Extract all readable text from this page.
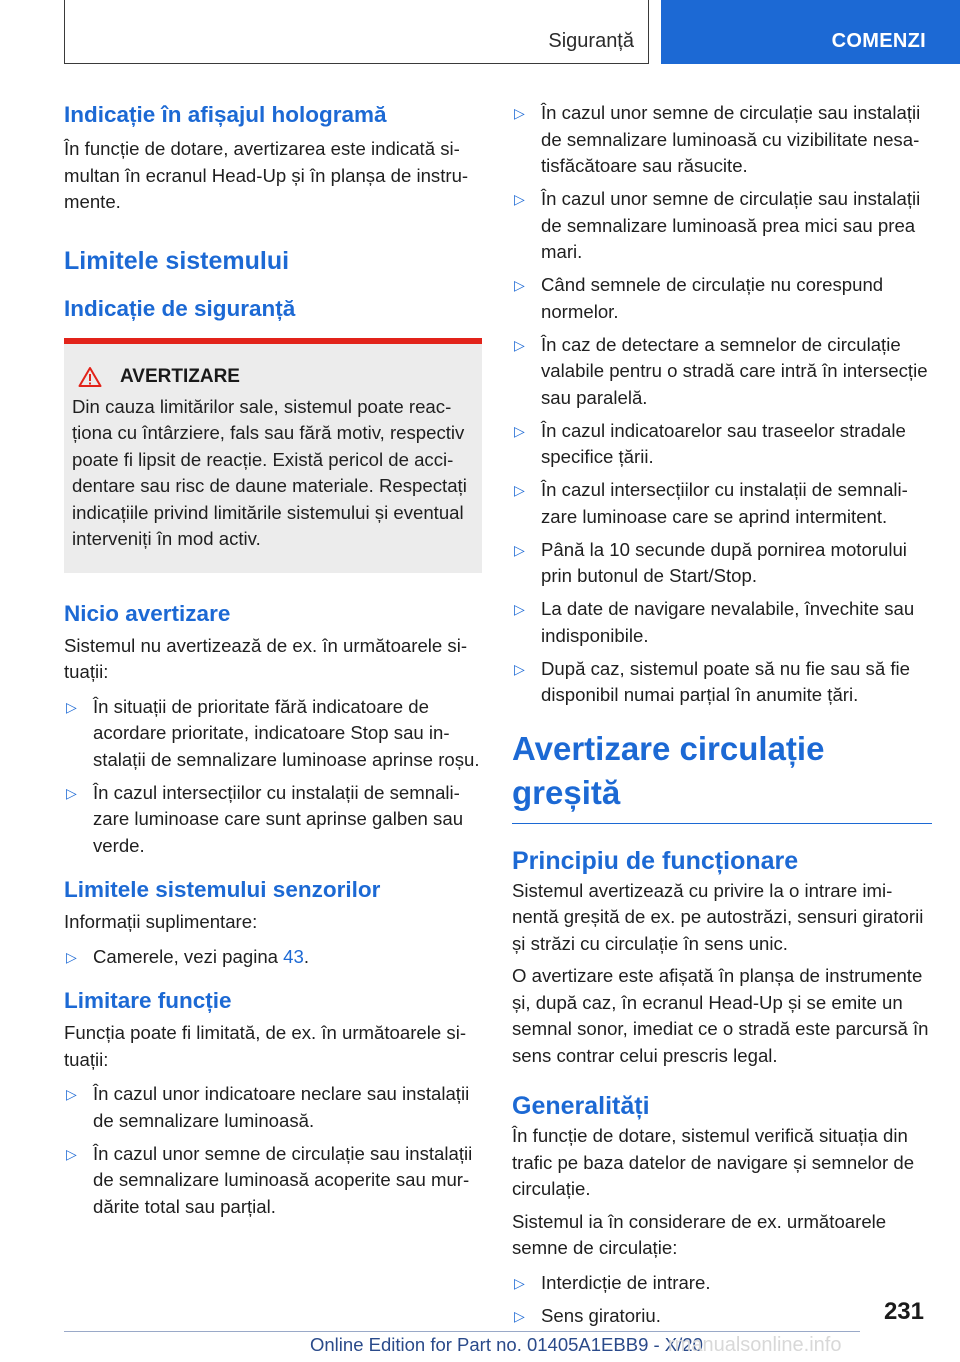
Siguranță	COMENZI
Indicație în afișajul hologramă

În funcție de dotare, avertizarea este indicată simultan în ecranul Head-Up și în planșa de instrumente.

Limitele sistemului
Indicație de siguranță
AVERTIZARE

Din cauza limitărilor sale, sistemul poate reacționa cu întârziere, fals sau fără motiv, respectiv poate fi lipsit de reacție. Există pericol de accidentare sau risc de daune materiale. Respectați indicațiile privind limitările sistemului și eventual interveniți în mod activ.

Nicio avertizare

Sistemul nu avertizează de ex. în următoarele situații:

▷ În situații de prioritate fără indicatoare de acordare prioritate, indicatoare Stop sau instalații de semnalizare luminoase aprinse roșu.
▷ În cazul intersecțiilor cu instalații de semnalizare luminoase care sunt aprinse galben sau verde.
Limitele sistemului senzorilor

Informații suplimentare:

▷ Camerele, vezi pagina 43.
Limitare funcție

Funcția poate fi limitată, de ex. în următoarele situații:

▷ În cazul unor indicatoare neclare sau instalații de semnalizare luminoasă.
▷ În cazul unor semne de circulație sau instalații de semnalizare luminoasă acoperite sau murdărite total sau parțial.
▷ În cazul unor semne de circulație sau instalații de semnalizare luminoasă cu vizibilitate nesatisfăcătoare sau răsucite.
▷ În cazul unor semne de circulație sau instalații de semnalizare luminoasă prea mici sau prea mari.
▷ Când semnele de circulație nu corespund normelor.
▷ În caz de detectare a semnelor de circulație valabile pentru o stradă care intră în intersecție sau paralelă.
▷ În cazul indicatoarelor sau traseelor stradale specifice țării.
▷ În cazul intersecțiilor cu instalații de semnalizare luminoase care se aprind intermitent.
▷ Până la 10 secunde după pornirea motorului prin butonul de Start/Stop.
▷ La date de navigare nevalabile, învechite sau indisponibile.
▷ După caz, sistemul poate să nu fie sau să fie disponibil numai parțial în anumite țări.
Avertizare circulație greșită
Principiu de funcționare

Sistemul avertizează cu privire la o intrare iminentă greșită de ex. pe autostrăzi, sensuri giratorii și străzi cu circulație în sens unic.

O avertizare este afișată în planșa de instrumente și, după caz, în ecranul Head-Up și se emite un semnal sonor, imediat ce o stradă este parcursă în sens contrar celui prescris legal.

Generalități

În funcție de dotare, sistemul verifică situația din trafic pe baza datelor de navigare și semnelor de circulație.

Sistemul ia în considerare de ex. următoarele semne de circulație:

▷ Interdicție de intrare.
▷ Sens giratoriu.	231
Online Edition for Part no. 01405A1EBB9 - X/20
rmanualsonline.info
